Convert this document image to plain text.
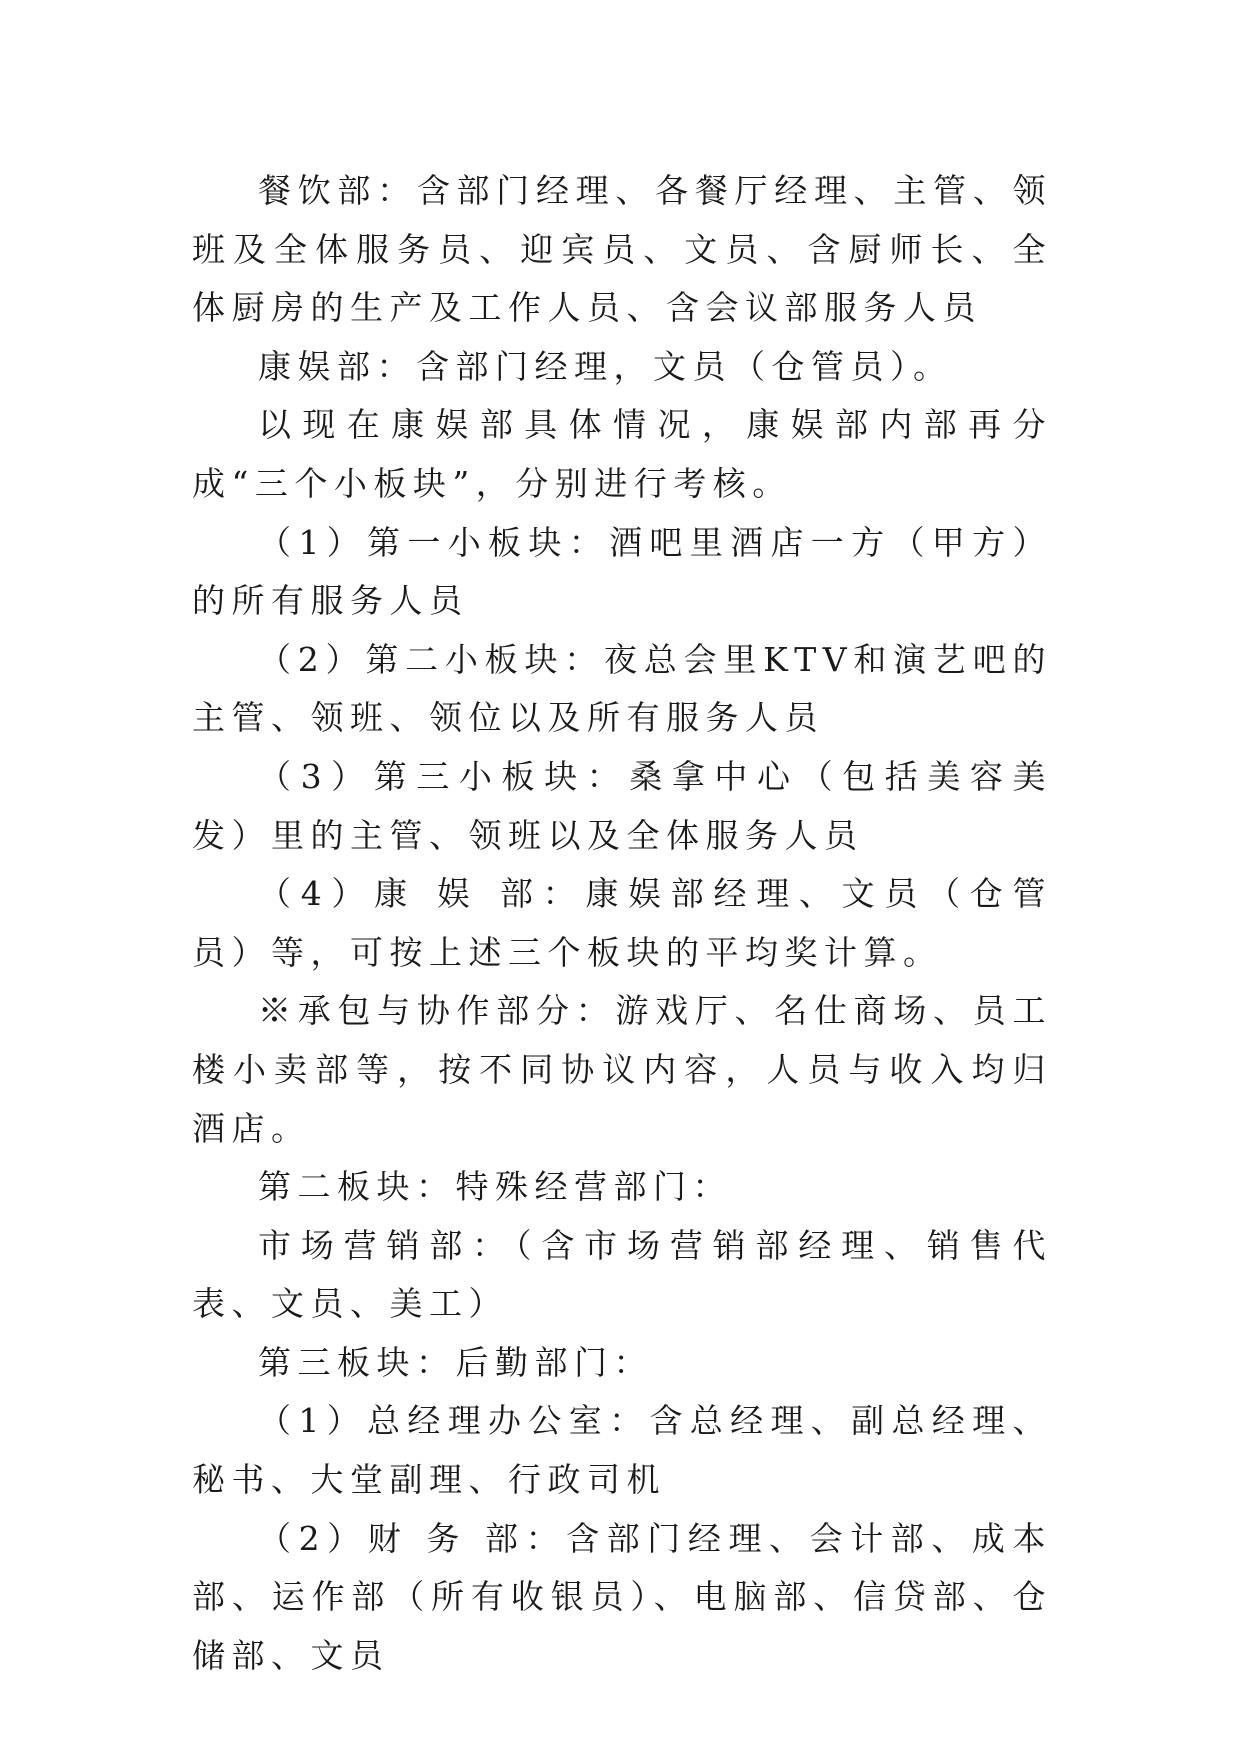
餐饮部：含部门经理、各餐厅经理、主管、领班及全体服务员、迎宾员、文员、含厨师长、全体厨房的生产及工作人员、含会议部服务人员

康娱部：含部门经理，文员（仓管员）。

以现在康娱部具体情况，康娱部内部再分成“三个小板块”，分别进行考核。

（1）第一小板块：酒吧里酒店一方（甲方）的所有服务人员

（2）第二小板块：夜总会里KTV和演艺吧的主管、领班、领位以及所有服务人员

（3）第三小板块：桑拿中心（包括美容美发）里的主管、领班以及全体服务人员

（4）康 娱 部：康娱部经理、文员（仓管员）等，可按上述三个板块的平均奖计算。

※承包与协作部分：游戏厅、名仕商场、员工楼小卖部等，按不同协议内容，人员与收入均归酒店。

第二板块：特殊经营部门：

市场营销部：（含市场营销部经理、销售代表、文员、美工）

第三板块：后勤部门：

（1）总经理办公室：含总经理、副总经理、秘书、大堂副理、行政司机

（2）财 务 部：含部门经理、会计部、成本部、运作部（所有收银员）、电脑部、信贷部、仓储部、文员
